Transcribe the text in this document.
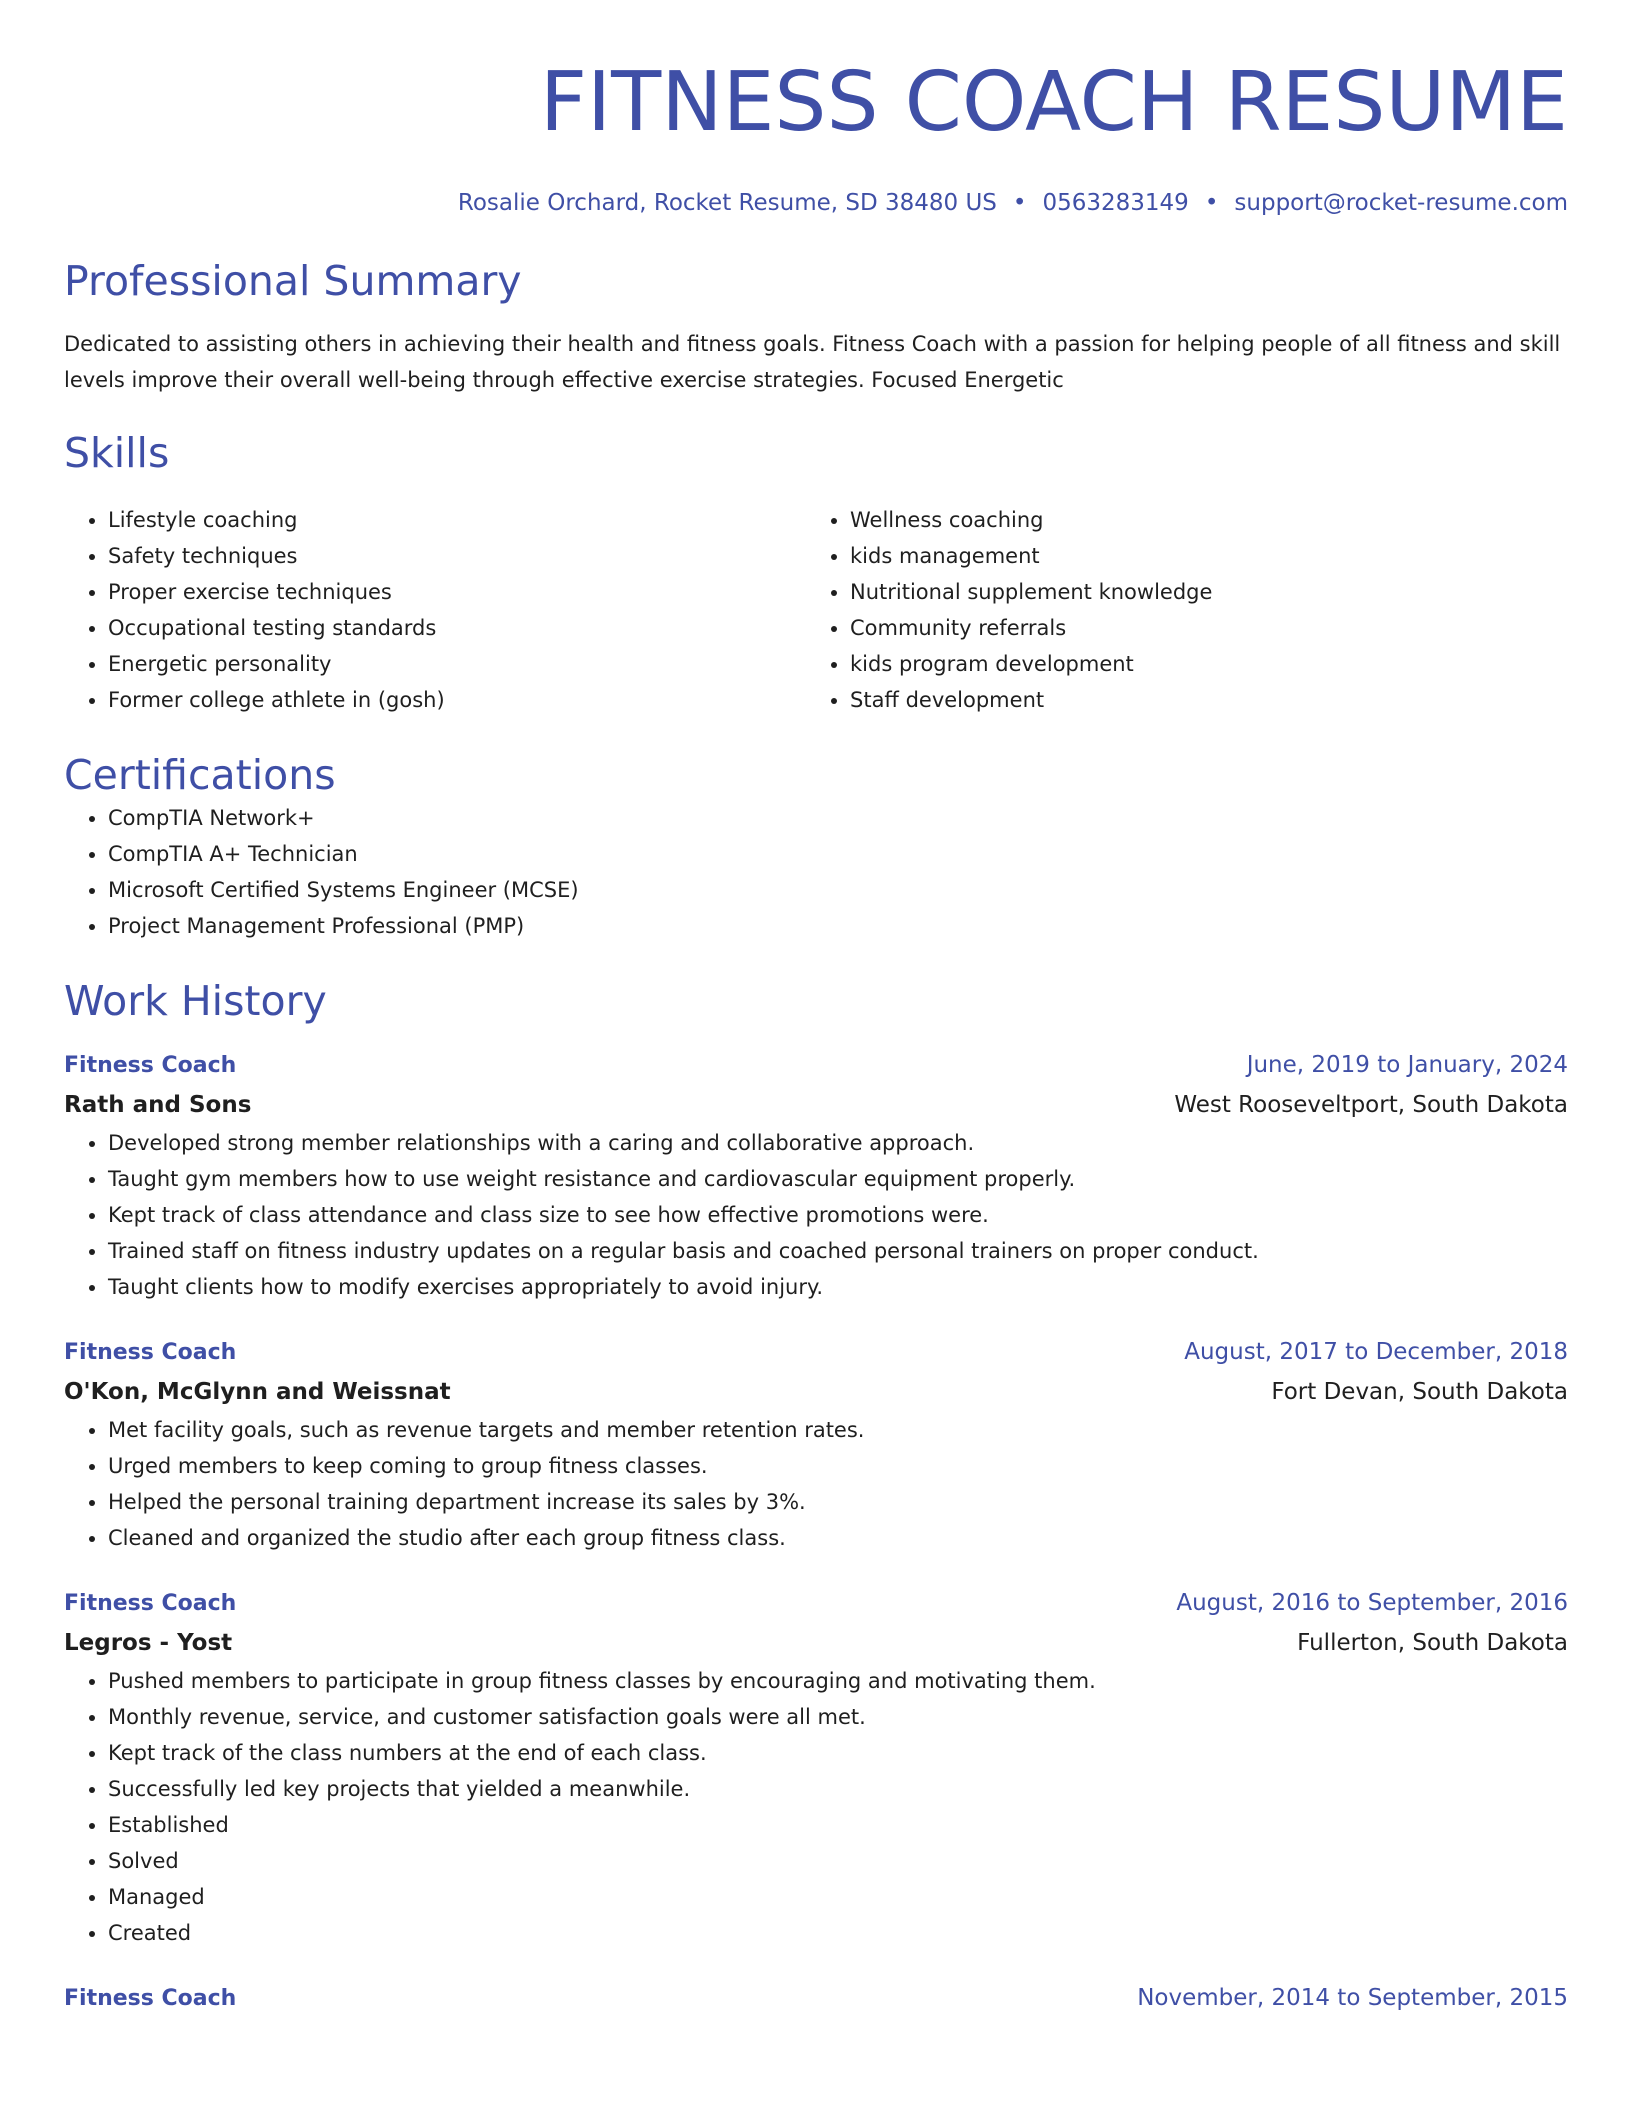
FITNESS COACH RESUME
Rosalie Orchard, Rocket Resume, SD 38480 US • 0563283149 • support@rocket-resume.com
Professional Summary
Dedicated to assisting others in achieving their health and fitness goals. Fitness Coach with a passion for helping people of all fitness and skill levels improve their overall well-being through effective exercise strategies. Focused Energetic
Skills
• Lifestyle coaching
• Safety techniques
• Proper exercise techniques
• Occupational testing standards
• Energetic personality
• Former college athlete in (gosh)
• Wellness coaching
• kids management
• Nutritional supplement knowledge
• Community referrals
• kids program development
• Staff development
Certifications
• CompTIA Network+
• CompTIA A+ Technician
• Microsoft Certified Systems Engineer (MCSE)
• Project Management Professional (PMP)
Work History
Fitness Coach	June, 2019 to January, 2024
Rath and Sons	West Rooseveltport, South Dakota
• Developed strong member relationships with a caring and collaborative approach.
• Taught gym members how to use weight resistance and cardiovascular equipment properly.
• Kept track of class attendance and class size to see how effective promotions were.
• Trained staff on fitness industry updates on a regular basis and coached personal trainers on proper conduct.
• Taught clients how to modify exercises appropriately to avoid injury.
Fitness Coach	August, 2017 to December, 2018
O'Kon, McGlynn and Weissnat	Fort Devan, South Dakota
• Met facility goals, such as revenue targets and member retention rates.
• Urged members to keep coming to group fitness classes.
• Helped the personal training department increase its sales by 3%.
• Cleaned and organized the studio after each group fitness class.
Fitness Coach	August, 2016 to September, 2016
Legros - Yost	Fullerton, South Dakota
• Pushed members to participate in group fitness classes by encouraging and motivating them.
• Monthly revenue, service, and customer satisfaction goals were all met.
• Kept track of the class numbers at the end of each class.
• Successfully led key projects that yielded a meanwhile.
• Established
• Solved
• Managed
• Created
Fitness Coach	November, 2014 to September, 2015
